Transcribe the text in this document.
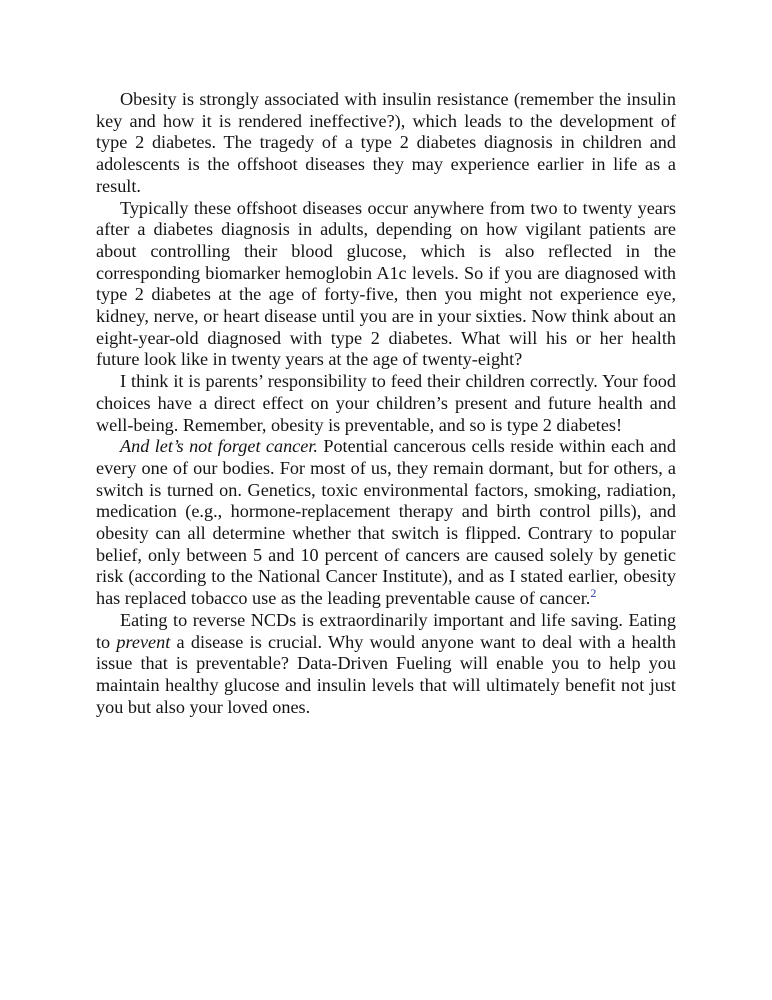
Obesity is strongly associated with insulin resistance (remember the insulin key and how it is rendered ineffective?), which leads to the development of type 2 diabetes. The tragedy of a type 2 diabetes diagnosis in children and adolescents is the offshoot diseases they may experience earlier in life as a result.

Typically these offshoot diseases occur anywhere from two to twenty years after a diabetes diagnosis in adults, depending on how vigilant patients are about controlling their blood glucose, which is also reflected in the corresponding biomarker hemoglobin A1c levels. So if you are diagnosed with type 2 diabetes at the age of forty-five, then you might not experience eye, kidney, nerve, or heart disease until you are in your sixties. Now think about an eight-year-old diagnosed with type 2 diabetes. What will his or her health future look like in twenty years at the age of twenty-eight?

I think it is parents’ responsibility to feed their children correctly. Your food choices have a direct effect on your children’s present and future health and well-being. Remember, obesity is preventable, and so is type 2 diabetes!

And let’s not forget cancer. Potential cancerous cells reside within each and every one of our bodies. For most of us, they remain dormant, but for others, a switch is turned on. Genetics, toxic environmental factors, smoking, radiation, medication (e.g., hormone-replacement therapy and birth control pills), and obesity can all determine whether that switch is flipped. Contrary to popular belief, only between 5 and 10 percent of cancers are caused solely by genetic risk (according to the National Cancer Institute), and as I stated earlier, obesity has replaced tobacco use as the leading preventable cause of cancer.$^2$

Eating to reverse NCDs is extraordinarily important and life saving. Eating to prevent a disease is crucial. Why would anyone want to deal with a health issue that is preventable? Data-Driven Fueling will enable you to help you maintain healthy glucose and insulin levels that will ultimately benefit not just you but also your loved ones.
